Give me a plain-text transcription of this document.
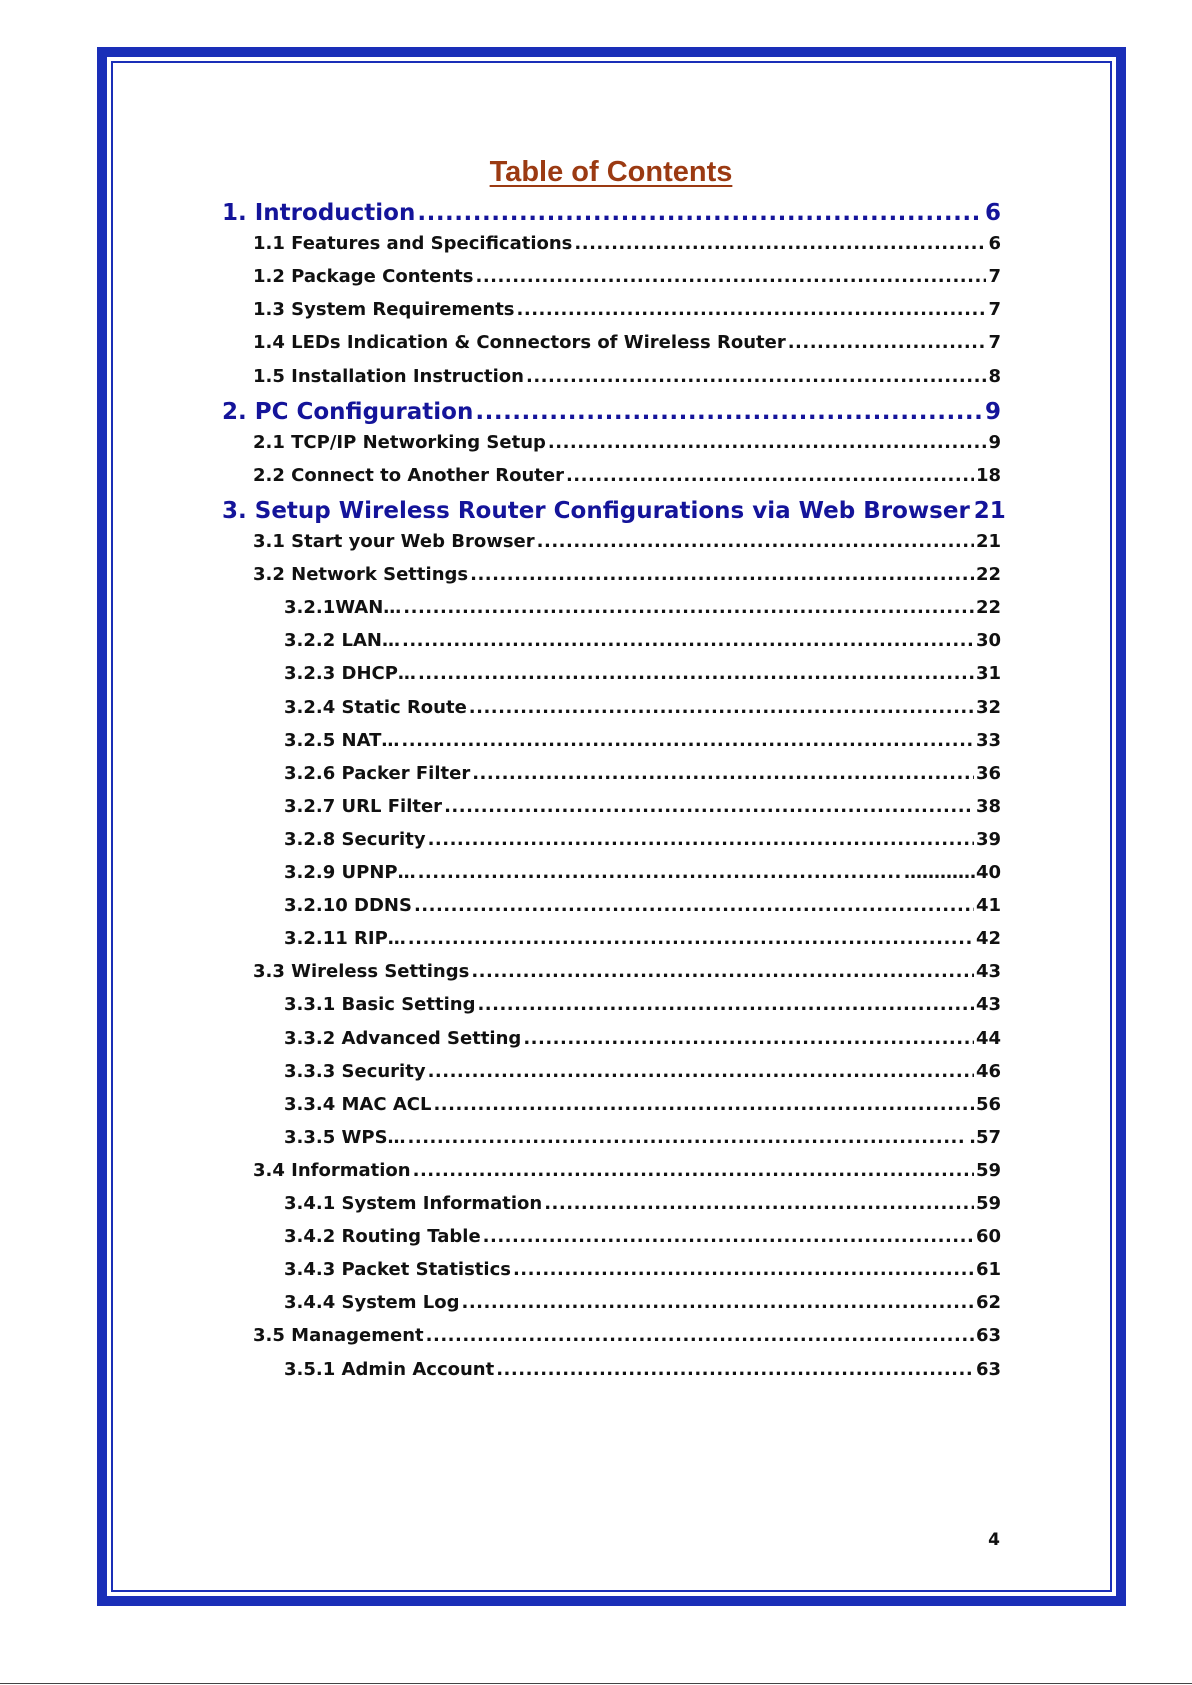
Table of Contents
1. Introduction .....	6
1.1 Features and Specifications .....	6
1.2 Package Contents .....	7
1.3 System Requirements .....	7
1.4 LEDs Indication & Connectors of Wireless Router .....	7
1.5 Installation Instruction .....	8
2. PC Configuration .....	9
2.1 TCP/IP Networking Setup .....	9
2.2 Connect to Another Router .....	18
3. Setup Wireless Router Configurations via Web Browser 21
3.1 Start your Web Browser .....	21
3.2 Network Settings .....	22
3.2.1WAN… .....	22
3.2.2 LAN… .....	30
3.2.3 DHCP… .....	31
3.2.4 Static Route .....	32
3.2.5 NAT… .....	33
3.2.6 Packer Filter .....	36
3.2.7 URL Filter .....	38
3.2.8 Security .....	39
3.2.9 UPNP… .....	…………40
3.2.10 DDNS .....	41
3.2.11 RIP… .....	42
3.3 Wireless Settings .....	43
3.3.1 Basic Setting .....	43
3.3.2 Advanced Setting .....	44
3.3.3 Security .....	46
3.3.4 MAC ACL .....	56
3.3.5 WPS… .....	.57
3.4 Information .....	59
3.4.1 System Information .....	59
3.4.2 Routing Table .....	60
3.4.3 Packet Statistics .....	61
3.4.4 System Log .....	62
3.5 Management .....	63
3.5.1 Admin Account .....	63
4
